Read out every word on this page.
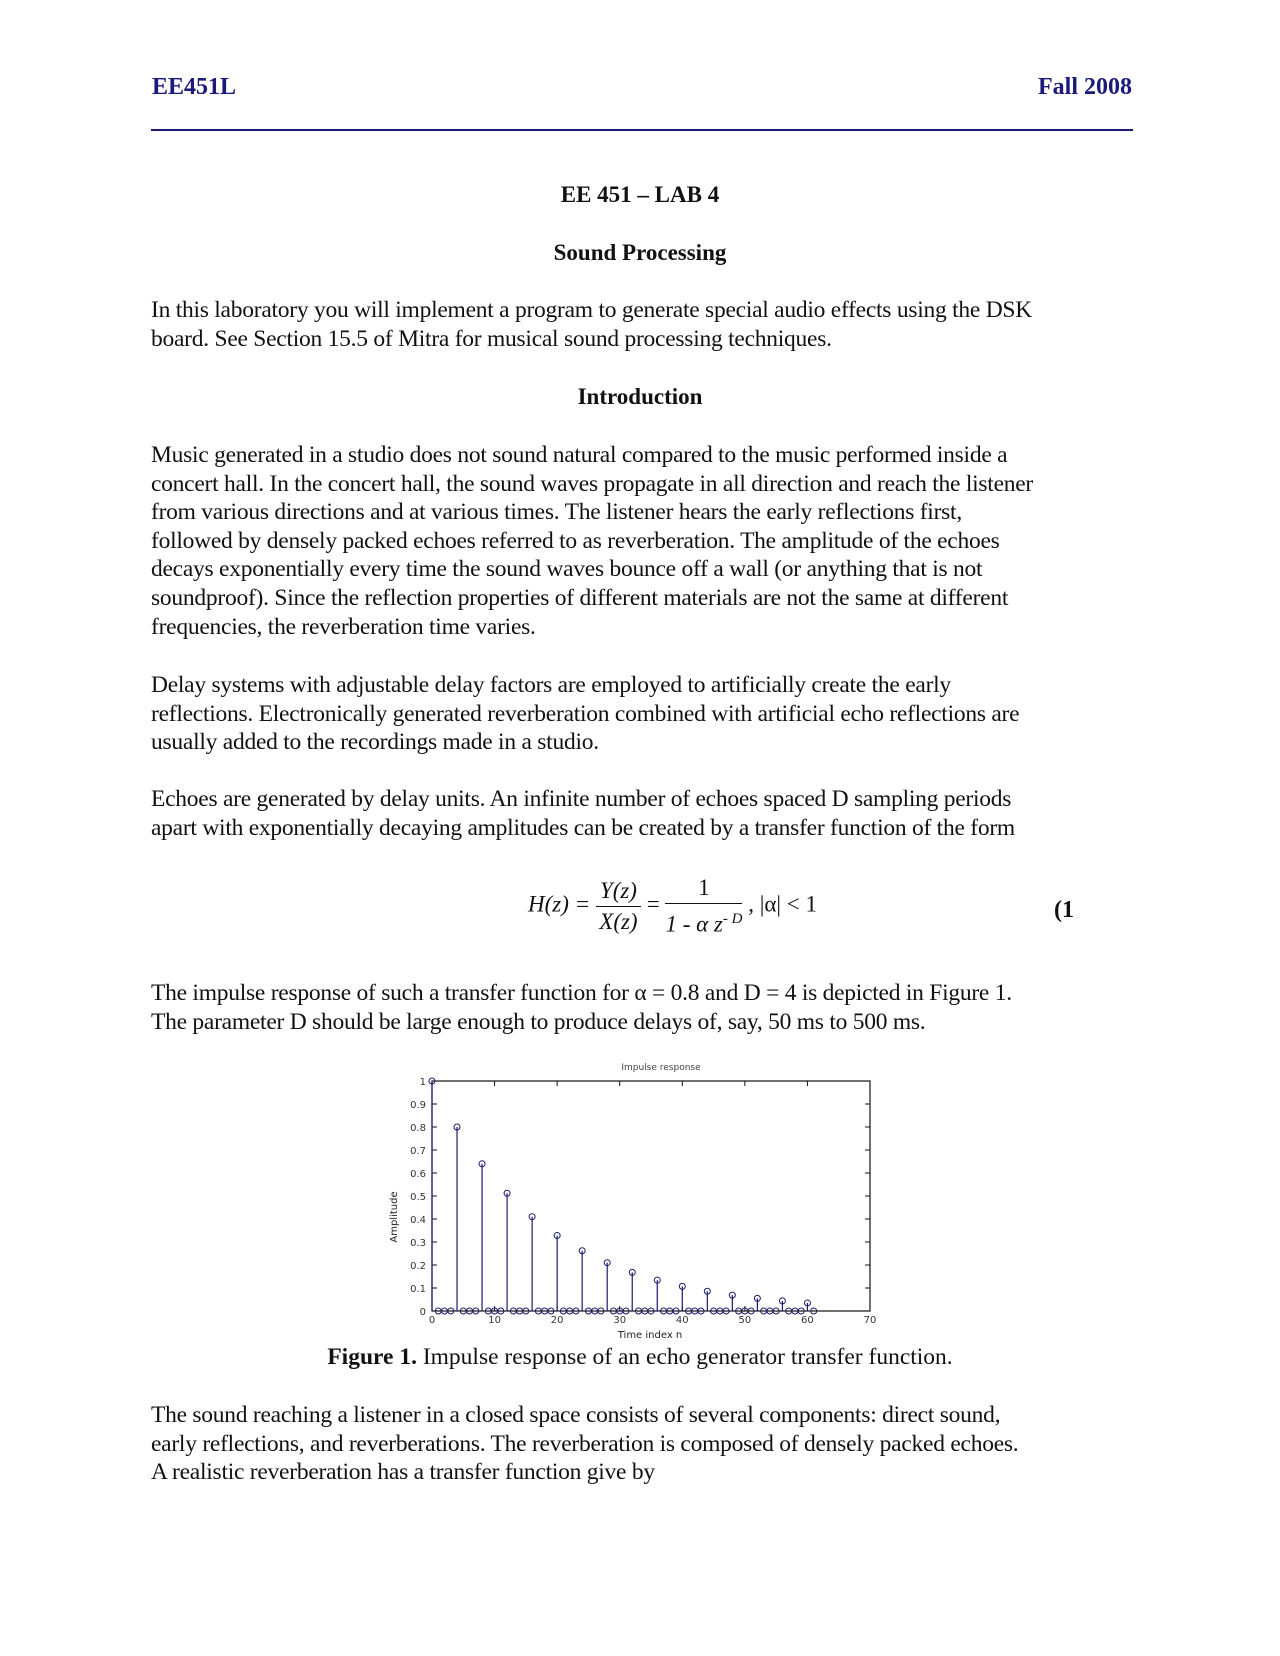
EE451L	Fall 2008
EE 451 – LAB 4
Sound Processing

In this laboratory you will implement a program to generate special audio effects using the DSK

board. See Section 15.5 of Mitra for musical sound processing techniques.

Introduction

Music generated in a studio does not sound natural compared to the music performed inside a

concert hall. In the concert hall, the sound waves propagate in all direction and reach the listener

from various directions and at various times. The listener hears the early reflections first,

followed by densely packed echoes referred to as reverberation. The amplitude of the echoes

decays exponentially every time the sound waves bounce off a wall (or anything that is not

soundproof). Since the reflection properties of different materials are not the same at different

frequencies, the reverberation time varies.

Delay systems with adjustable delay factors are employed to artificially create the early

reflections. Electronically generated reverberation combined with artificial echo reflections are

usually added to the recordings made in a studio.

Echoes are generated by delay units. An infinite number of echoes spaced D sampling periods

apart with exponentially decaying amplitudes can be created by a transfer function of the form

$H(z) = \frac{Y(z)}{X(z)} = \frac{1}{1 - \alpha z^{- D}}$ , |α| < 1	(1

The impulse response of such a transfer function for α = 0.8 and D = 4 is depicted in Figure 1.

The parameter D should be large enough to produce delays of, say, 50 ms to 500 ms.

Impulse response
0
0.1
0.2
0.3
0.4
0.5
0.6
0.7
0.8
0.9
1
0	10	20	30	40	50	60	70
Time index n
Amplitude
Figure 1. Impulse response of an echo generator transfer function.

The sound reaching a listener in a closed space consists of several components: direct sound,

early reflections, and reverberations. The reverberation is composed of densely packed echoes.

A realistic reverberation has a transfer function give by
